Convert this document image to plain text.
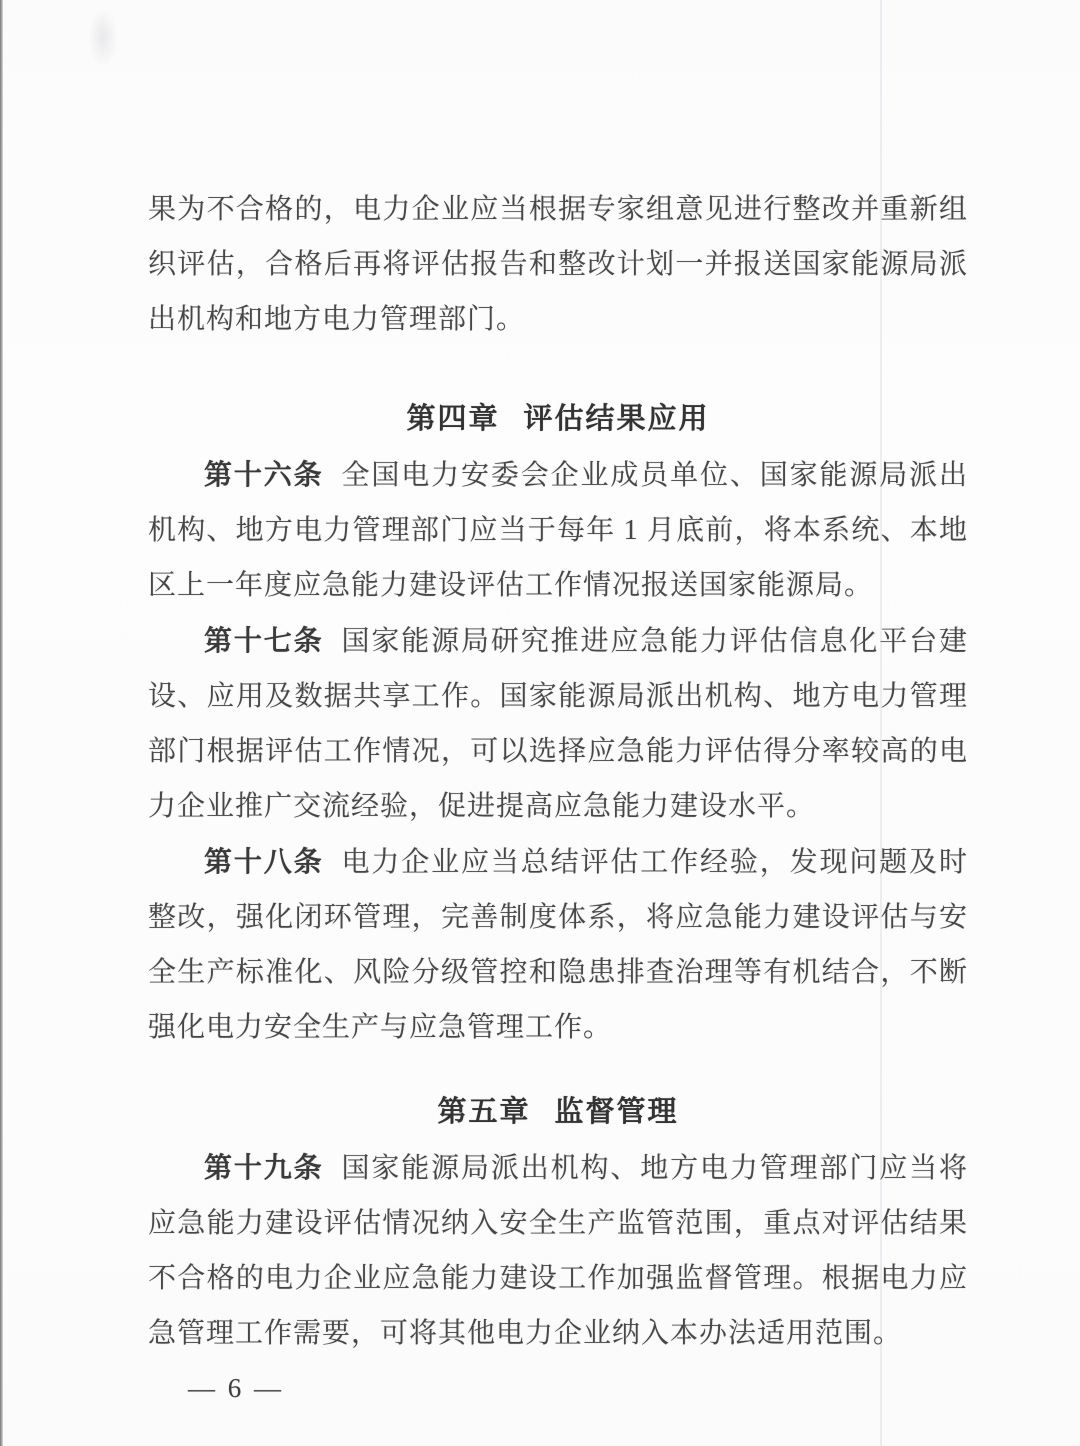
果为不合格的，电力企业应当根据专家组意见进行整改并重新组织评估，合格后再将评估报告和整改计划一并报送国家能源局派出机构和地方电力管理部门。

第四章 评估结果应用

第十六条 全国电力安委会企业成员单位、国家能源局派出机构、地方电力管理部门应当于每年 1 月底前，将本系统、本地区上一年度应急能力建设评估工作情况报送国家能源局。

第十七条 国家能源局研究推进应急能力评估信息化平台建设、应用及数据共享工作。国家能源局派出机构、地方电力管理部门根据评估工作情况，可以选择应急能力评估得分率较高的电力企业推广交流经验，促进提高应急能力建设水平。

第十八条 电力企业应当总结评估工作经验，发现问题及时整改，强化闭环管理，完善制度体系，将应急能力建设评估与安全生产标准化、风险分级管控和隐患排查治理等有机结合，不断强化电力安全生产与应急管理工作。

第五章 监督管理

第十九条 国家能源局派出机构、地方电力管理部门应当将应急能力建设评估情况纳入安全生产监管范围，重点对评估结果不合格的电力企业应急能力建设工作加强监督管理。根据电力应急管理工作需要，可将其他电力企业纳入本办法适用范围。

— 6 —
